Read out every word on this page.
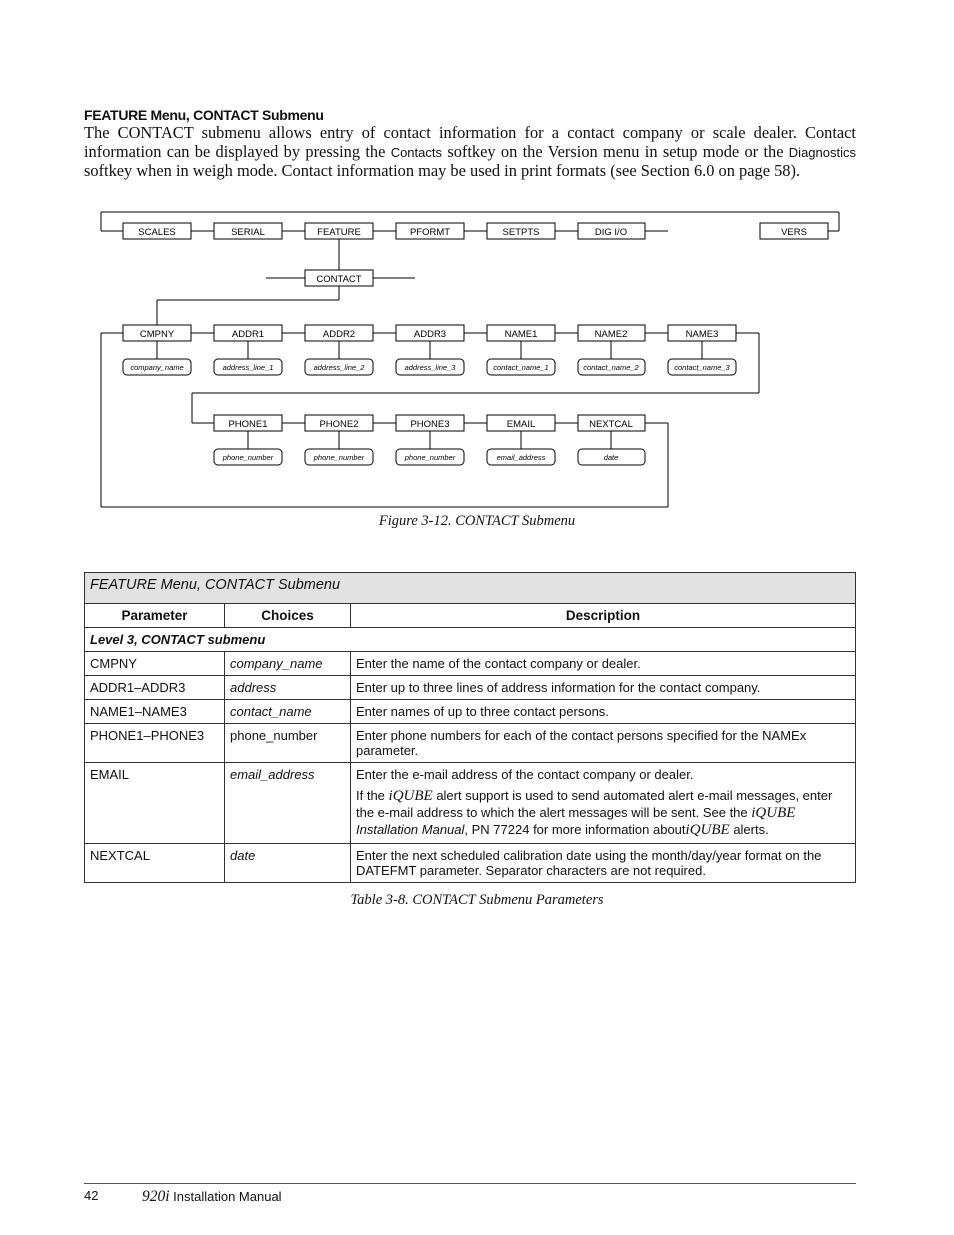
FEATURE Menu, CONTACT Submenu
The CONTACT submenu allows entry of contact information for a contact company or scale dealer. Contact information can be displayed by pressing the Contacts softkey on the Version menu in setup mode or the Diagnostics softkey when in weigh mode. Contact information may be used in print formats (see Section 6.0 on page 58).
SCALES	SERIAL	FEATURE	PFORMT	SETPTS	DIG I/O	VERS
CONTACT
CMPNY	ADDR1	ADDR2	ADDR3	NAME1	NAME2	NAME3
company_name	address_line_1	address_line_2	address_line_3	contact_name_1	contact_name_2	contact_name_3
PHONE1	PHONE2	PHONE3	EMAIL	NEXTCAL
phone_number	phone_number	phone_number	email_address	date
Figure 3-12. CONTACT Submenu
FEATURE Menu, CONTACT Submenu		
Parameter	Choices	Description
Level 3, CONTACT submenu		
CMPNY	company_name	Enter the name of the contact company or dealer.
ADDR1–ADDR3	address	Enter up to three lines of address information for the contact company.
NAME1–NAME3	contact_name	Enter names of up to three contact persons.
PHONE1–PHONE3	phone_number	Enter phone numbers for each of the contact persons specified for the NAMEx parameter.
EMAIL	email_address	Enter the e-mail address of the contact company or dealer.

If the iQUBE alert support is used to send automated alert e-mail messages, enter the e-mail address to which the alert messages will be sent. See the iQUBE Installation Manual, PN 77224 for more information aboutiQUBE alerts.

NEXTCAL	date	Enter the next scheduled calibration date using the month/day/year format on the DATEFMT parameter. Separator characters are not required.
Table 3-8. CONTACT Submenu Parameters
42	920i Installation Manual
